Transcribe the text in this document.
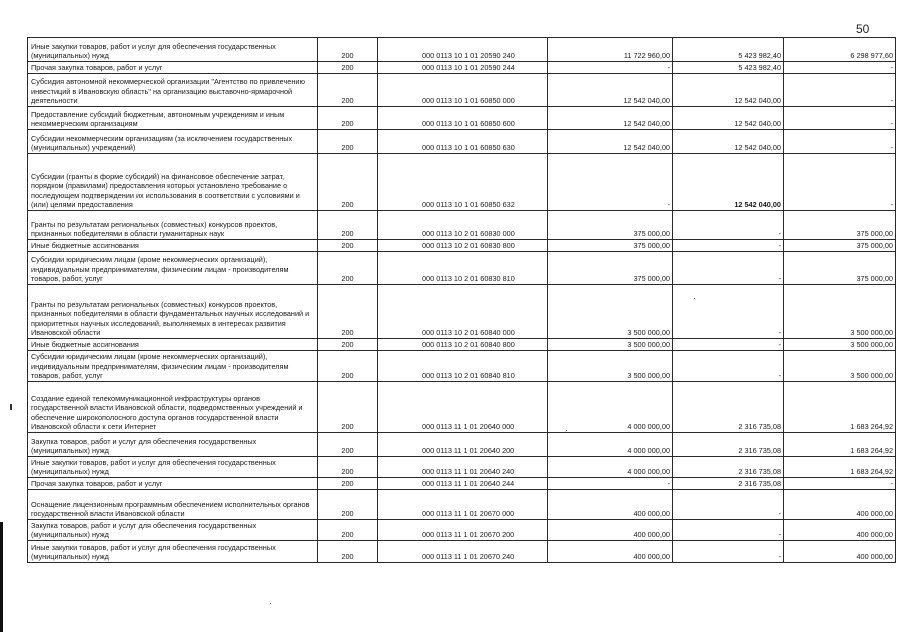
50
Иные закупки товаров, работ и услуг для обеспечения государственных (муниципальных) нужд	200	000 0113 10 1 01 20590 240	11 722 960,00	5 423 982,40	6 298 977,60
Прочая закупка товаров, работ и услуг	200	000 0113 10 1 01 20590 244	-	5 423 982,40	-
Субсидия автономной некоммерческой организации "Агентство по привлечению инвестиций в Ивановскую область" на организацию выставочно-ярмарочной деятельности	200	000 0113 10 1 01 60850 000	12 542 040,00	12 542 040,00	-
Предоставление субсидий бюджетным, автономным учреждениям и иным некоммерческим организациям	200	000 0113 10 1 01 60850 600	12 542 040,00	12 542 040,00	-
Субсидии некоммерческим организациям (за исключением государственных (муниципальных) учреждений)	200	000 0113 10 1 01 60850 630	12 542 040,00	12 542 040,00	-
Субсидии (гранты в форме субсидий) на финансовое обеспечение затрат, порядком (правилами) предоставления которых установлено требование о последующем подтверждении их использования в соответствии с условиями и (или) целями предоставления	200	000 0113 10 1 01 60850 632	-	12 542 040,00	-
Гранты по результатам региональных (совместных) конкурсов проектов, признанных победителями в области гуманитарных наук	200	000 0113 10 2 01 60830 000	375 000,00	-	375 000,00
Иные бюджетные ассигнования	200	000 0113 10 2 01 60830 800	375 000,00	-	375 000,00
Субсидии юридическим лицам (кроме некоммерческих организаций), индивидуальным предпринимателям, физическим лицам - производителям товаров, работ, услуг	200	000 0113 10 2 01 60830 810	375 000,00	-	375 000,00
Гранты по результатам региональных (совместных) конкурсов проектов, признанных победителями в области фундаментальных научных исследований и приоритетных научных исследований, выполняемых в интересах развития Ивановской области	200	000 0113 10 2 01 60840 000	3 500 000,00	-	3 500 000,00
Иные бюджетные ассигнования	200	000 0113 10 2 01 60840 800	3 500 000,00	-	3 500 000,00
Субсидии юридическим лицам (кроме некоммерческих организаций), индивидуальным предпринимателям, физическим лицам - производителям товаров, работ, услуг	200	000 0113 10 2 01 60840 810	3 500 000,00	-	3 500 000,00
Создание единой телекоммуникационной инфраструктуры органов государственной власти Ивановской области, подведомственных учреждений и обеспечение широкополосного доступа органов государственной власти Ивановской области к сети Интернет	200	000 0113 11 1 01 20640 000	4 000 000,00	2 316 735,08	1 683 264,92
Закупка товаров, работ и услуг для обеспечения государственных (муниципальных) нужд	200	000 0113 11 1 01 20640 200	4 000 000,00	2 316 735,08	1 683 264,92
Иные закупки товаров, работ и услуг для обеспечения государственных (муниципальных) нужд	200	000 0113 11 1 01 20640 240	4 000 000,00	2 316 735,08	1 683 264,92
Прочая закупка товаров, работ и услуг	200	000 0113 11 1 01 20640 244	-	2 316 735,08	-
Оснащение лицензионным программным обеспечением исполнительных органов государственной власти Ивановской области	200	000 0113 11 1 01 20670 000	400 000,00	-	400 000,00
Закупка товаров, работ и услуг для обеспечения государственных (муниципальных) нужд	200	000 0113 11 1 01 20670 200	400 000,00	-	400 000,00
Иные закупки товаров, работ и услуг для обеспечения государственных (муниципальных) нужд	200	000 0113 11 1 01 20670 240	400 000,00	-	400 000,00
